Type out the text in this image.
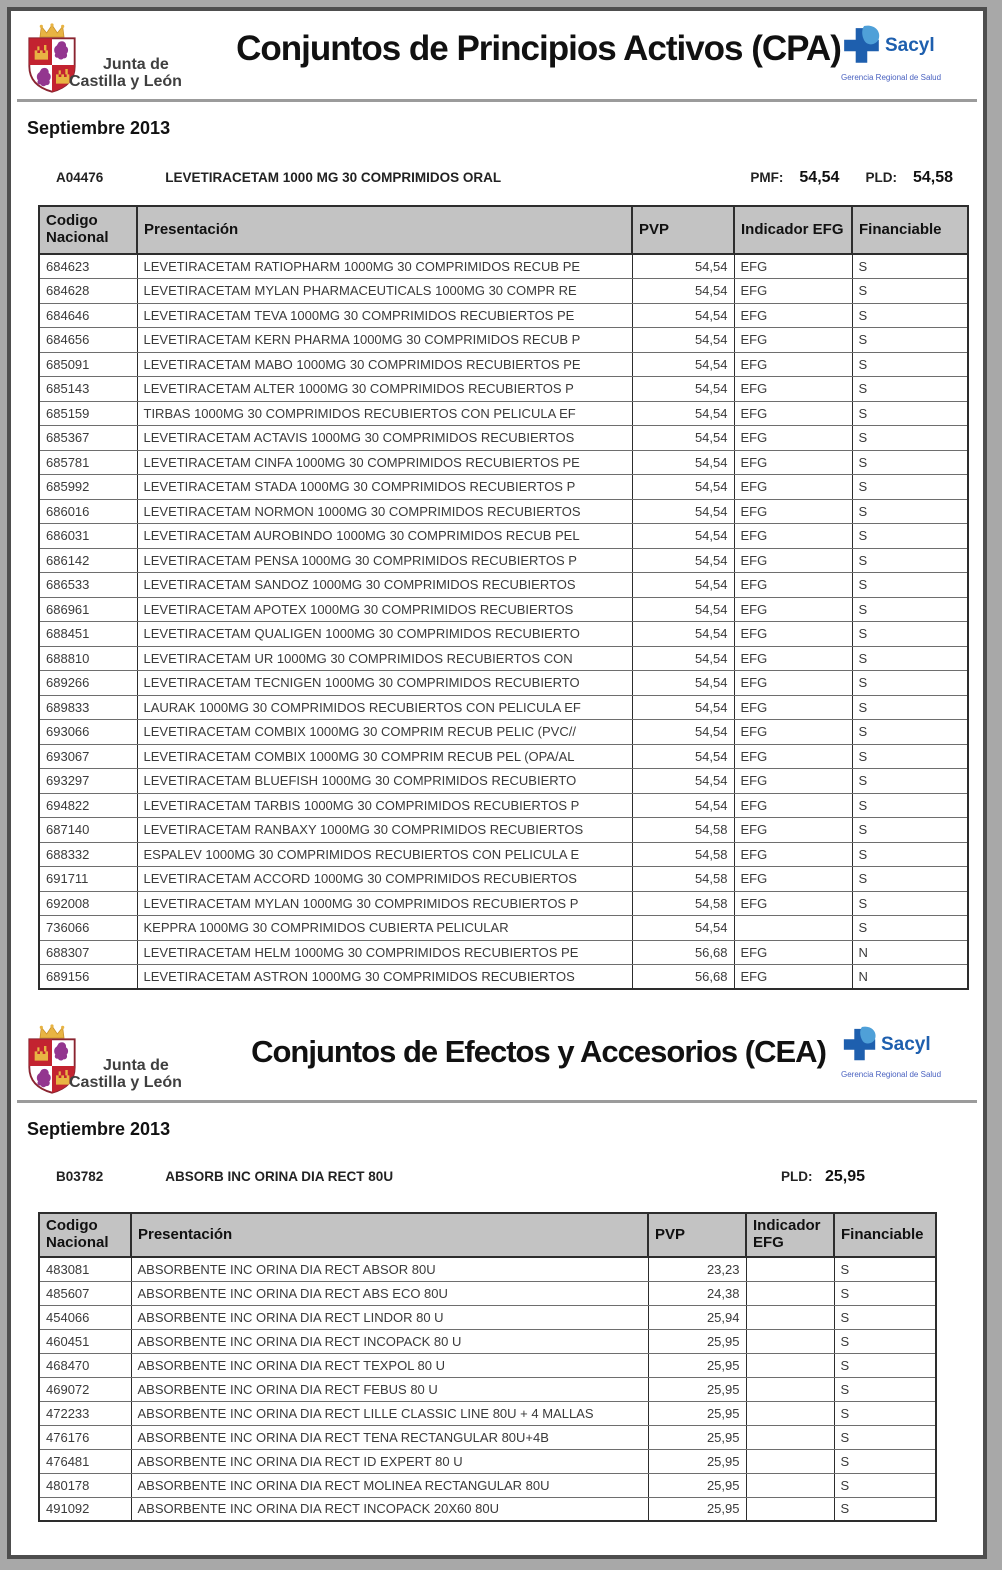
Junta de
Castilla y León
Conjuntos de Principios Activos (CPA) Sacyl
Gerencia Regional de Salud
Septiembre 2013
A04476	LEVETIRACETAM 1000 MG 30 COMPRIMIDOS ORAL	PMF: 54,54 PLD: 54,58
Codigo Nacional	Presentación	PVP	Indicador EFG	Financiable
684623	LEVETIRACETAM RATIOPHARM 1000MG 30 COMPRIMIDOS RECUB PE	54,54	EFG	S
684628	LEVETIRACETAM MYLAN PHARMACEUTICALS 1000MG 30 COMPR RE	54,54	EFG	S
684646	LEVETIRACETAM TEVA 1000MG 30 COMPRIMIDOS RECUBIERTOS PE	54,54	EFG	S
684656	LEVETIRACETAM KERN PHARMA 1000MG 30 COMPRIMIDOS RECUB P	54,54	EFG	S
685091	LEVETIRACETAM MABO 1000MG 30 COMPRIMIDOS RECUBIERTOS PE	54,54	EFG	S
685143	LEVETIRACETAM ALTER 1000MG 30 COMPRIMIDOS RECUBIERTOS P	54,54	EFG	S
685159	TIRBAS 1000MG 30 COMPRIMIDOS RECUBIERTOS CON PELICULA EF	54,54	EFG	S
685367	LEVETIRACETAM ACTAVIS 1000MG 30 COMPRIMIDOS RECUBIERTOS	54,54	EFG	S
685781	LEVETIRACETAM CINFA 1000MG 30 COMPRIMIDOS RECUBIERTOS PE	54,54	EFG	S
685992	LEVETIRACETAM STADA 1000MG 30 COMPRIMIDOS RECUBIERTOS P	54,54	EFG	S
686016	LEVETIRACETAM NORMON 1000MG 30 COMPRIMIDOS RECUBIERTOS	54,54	EFG	S
686031	LEVETIRACETAM AUROBINDO 1000MG 30 COMPRIMIDOS RECUB PEL	54,54	EFG	S
686142	LEVETIRACETAM PENSA 1000MG 30 COMPRIMIDOS RECUBIERTOS P	54,54	EFG	S
686533	LEVETIRACETAM SANDOZ 1000MG 30 COMPRIMIDOS RECUBIERTOS	54,54	EFG	S
686961	LEVETIRACETAM APOTEX 1000MG 30 COMPRIMIDOS RECUBIERTOS	54,54	EFG	S
688451	LEVETIRACETAM QUALIGEN 1000MG 30 COMPRIMIDOS RECUBIERTO	54,54	EFG	S
688810	LEVETIRACETAM UR 1000MG 30 COMPRIMIDOS RECUBIERTOS CON	54,54	EFG	S
689266	LEVETIRACETAM TECNIGEN 1000MG 30 COMPRIMIDOS RECUBIERTO	54,54	EFG	S
689833	LAURAK 1000MG 30 COMPRIMIDOS RECUBIERTOS CON PELICULA EF	54,54	EFG	S
693066	LEVETIRACETAM COMBIX 1000MG 30 COMPRIM RECUB PELIC (PVC//	54,54	EFG	S
693067	LEVETIRACETAM COMBIX 1000MG 30 COMPRIM RECUB PEL (OPA/AL	54,54	EFG	S
693297	LEVETIRACETAM BLUEFISH 1000MG 30 COMPRIMIDOS RECUBIERTO	54,54	EFG	S
694822	LEVETIRACETAM TARBIS 1000MG 30 COMPRIMIDOS RECUBIERTOS P	54,54	EFG	S
687140	LEVETIRACETAM RANBAXY 1000MG 30 COMPRIMIDOS RECUBIERTOS	54,58	EFG	S
688332	ESPALEV 1000MG 30 COMPRIMIDOS RECUBIERTOS CON PELICULA E	54,58	EFG	S
691711	LEVETIRACETAM ACCORD 1000MG 30 COMPRIMIDOS RECUBIERTOS	54,58	EFG	S
692008	LEVETIRACETAM MYLAN 1000MG 30 COMPRIMIDOS RECUBIERTOS P	54,58	EFG	S
736066	KEPPRA 1000MG 30 COMPRIMIDOS CUBIERTA PELICULAR	54,54		S
688307	LEVETIRACETAM HELM 1000MG 30 COMPRIMIDOS RECUBIERTOS PE	56,68	EFG	N
689156	LEVETIRACETAM ASTRON 1000MG 30 COMPRIMIDOS RECUBIERTOS	56,68	EFG	N
Junta de
Castilla y León
Conjuntos de Efectos y Accesorios (CEA)	Sacyl
Gerencia Regional de Salud
Septiembre 2013
B03782	ABSORB INC ORINA DIA RECT 80U	PLD: 25,95
Codigo Nacional	Presentación	PVP	Indicador EFG	Financiable
483081	ABSORBENTE INC ORINA DIA RECT ABSOR 80U	23,23		S
485607	ABSORBENTE INC ORINA DIA RECT ABS ECO 80U	24,38		S
454066	ABSORBENTE INC ORINA DIA RECT LINDOR 80 U	25,94		S
460451	ABSORBENTE INC ORINA DIA RECT INCOPACK 80 U	25,95		S
468470	ABSORBENTE INC ORINA DIA RECT TEXPOL 80 U	25,95		S
469072	ABSORBENTE INC ORINA DIA RECT FEBUS 80 U	25,95		S
472233	ABSORBENTE INC ORINA DIA RECT LILLE CLASSIC LINE 80U + 4 MALLAS	25,95		S
476176	ABSORBENTE INC ORINA DIA RECT TENA RECTANGULAR 80U+4B	25,95		S
476481	ABSORBENTE INC ORINA DIA RECT ID EXPERT 80 U	25,95		S
480178	ABSORBENTE INC ORINA DIA RECT MOLINEA RECTANGULAR 80U	25,95		S
491092	ABSORBENTE INC ORINA DIA RECT INCOPACK 20X60 80U	25,95		S
